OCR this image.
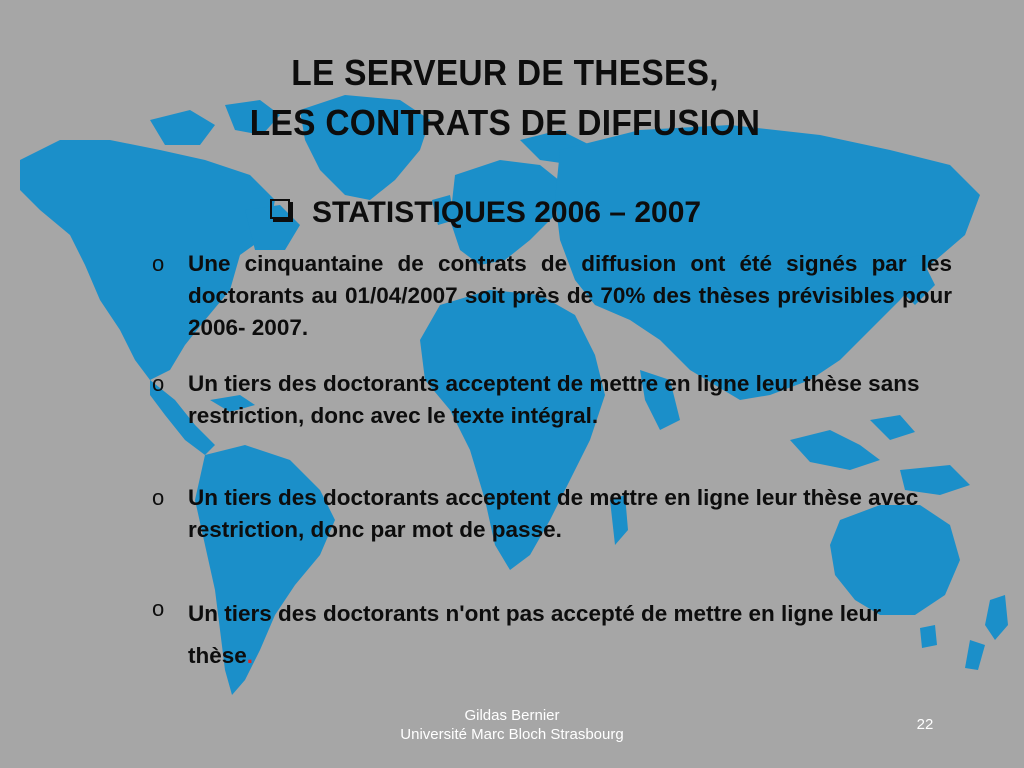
LE SERVEUR DE THESES,
LES CONTRATS DE DIFFUSION
STATISTIQUES 2006 – 2007
o	Une cinquantaine de contrats de diffusion ont été signés par les doctorants au 01/04/2007 soit près de 70% des thèses prévisibles pour 2006- 2007.
o	Un tiers des doctorants acceptent de mettre en ligne leur thèse sans restriction, donc avec le texte intégral.
o	Un tiers des doctorants acceptent de mettre en ligne leur thèse avec restriction, donc par mot de passe.
o	Un tiers des doctorants n'ont pas accepté de mettre en ligne leur thèse.
Gildas Bernier
Université Marc Bloch Strasbourg
22
